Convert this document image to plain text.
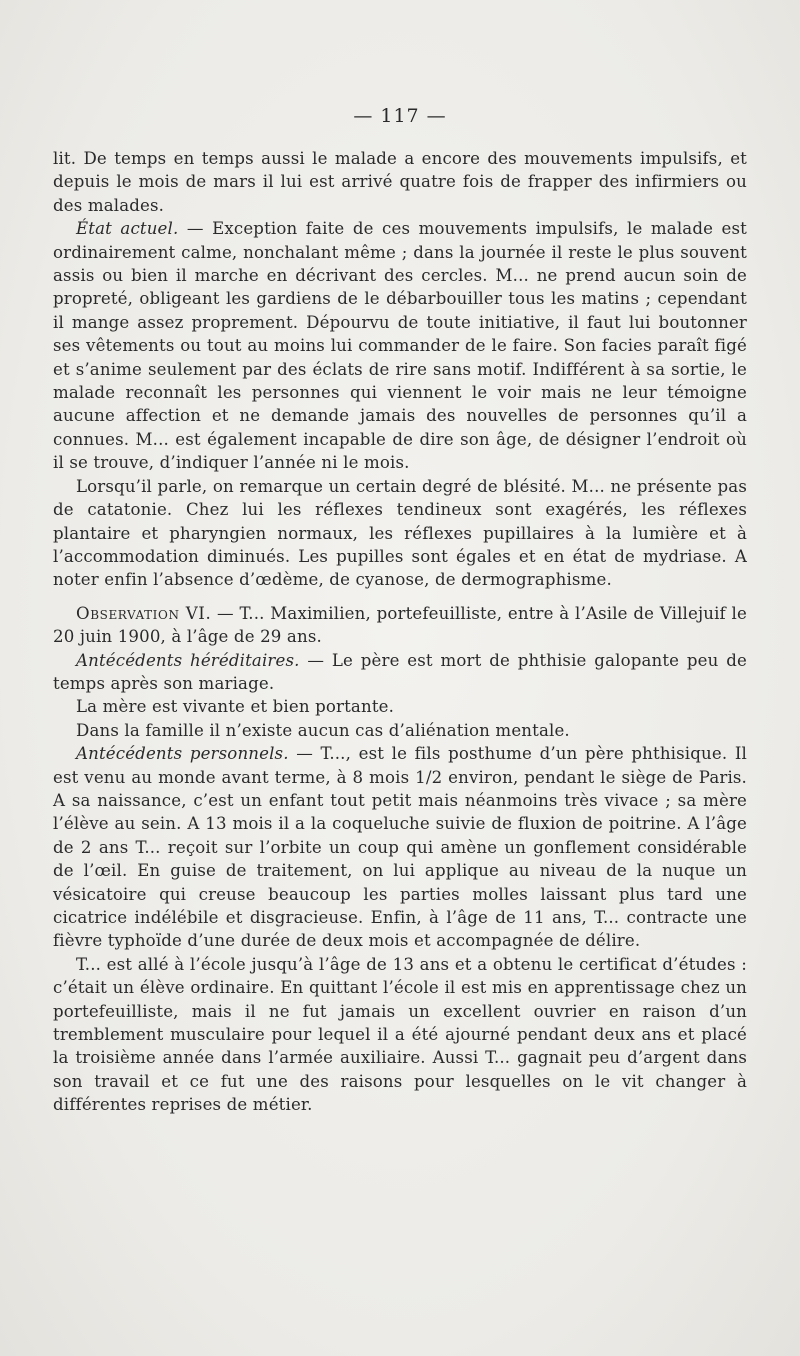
— 117 —

lit. De temps en temps aussi le malade a encore des mouvements impulsifs, et depuis le mois de mars il lui est arrivé quatre fois de frapper des infirmiers ou des malades.

État actuel. — Exception faite de ces mouvements impulsifs, le malade est ordinairement calme, nonchalant même ; dans la journée il reste le plus souvent assis ou bien il marche en décrivant des cercles. M... ne prend aucun soin de propreté, obligeant les gardiens de le débarbouiller tous les matins ; cependant il mange assez proprement. Dépourvu de toute initiative, il faut lui boutonner ses vêtements ou tout au moins lui commander de le faire. Son facies paraît figé et s’anime seulement par des éclats de rire sans motif. Indifférent à sa sortie, le malade reconnaît les personnes qui viennent le voir mais ne leur témoigne aucune affection et ne demande jamais des nouvelles de personnes qu’il a connues. M... est également incapable de dire son âge, de désigner l’endroit où il se trouve, d’indiquer l’année ni le mois.

Lorsqu’il parle, on remarque un certain degré de blésité. M... ne présente pas de catatonie. Chez lui les réflexes tendineux sont exagérés, les réflexes plantaire et pharyngien normaux, les réflexes pupillaires à la lumière et à l’accommodation diminués. Les pupilles sont égales et en état de mydriase. A noter enfin l’absence d’œdème, de cyanose, de dermographisme.

Observation VI. — T... Maximilien, portefeuilliste, entre à l’Asile de Villejuif le 20 juin 1900, à l’âge de 29 ans.

Antécédents héréditaires. — Le père est mort de phthisie galopante peu de temps après son mariage.

La mère est vivante et bien portante.

Dans la famille il n’existe aucun cas d’aliénation mentale.

Antécédents personnels. — T..., est le fils posthume d’un père phthisique. Il est venu au monde avant terme, à 8 mois 1/2 environ, pendant le siège de Paris. A sa naissance, c’est un enfant tout petit mais néanmoins très vivace ; sa mère l’élève au sein. A 13 mois il a la coqueluche suivie de fluxion de poitrine. A l’âge de 2 ans T... reçoit sur l’orbite un coup qui amène un gonflement considérable de l’œil. En guise de traitement, on lui applique au niveau de la nuque un vésicatoire qui creuse beaucoup les parties molles laissant plus tard une cicatrice indélébile et disgracieuse. Enfin, à l’âge de 11 ans, T... contracte une fièvre typhoïde d’une durée de deux mois et accompagnée de délire.

T... est allé à l’école jusqu’à l’âge de 13 ans et a obtenu le certificat d’études : c’était un élève ordinaire. En quittant l’école il est mis en apprentissage chez un portefeuilliste, mais il ne fut jamais un excellent ouvrier en raison d’un tremblement musculaire pour lequel il a été ajourné pendant deux ans et placé la troisième année dans l’armée auxiliaire. Aussi T... gagnait peu d’argent dans son travail et ce fut une des raisons pour lesquelles on le vit changer à différentes reprises de métier.
